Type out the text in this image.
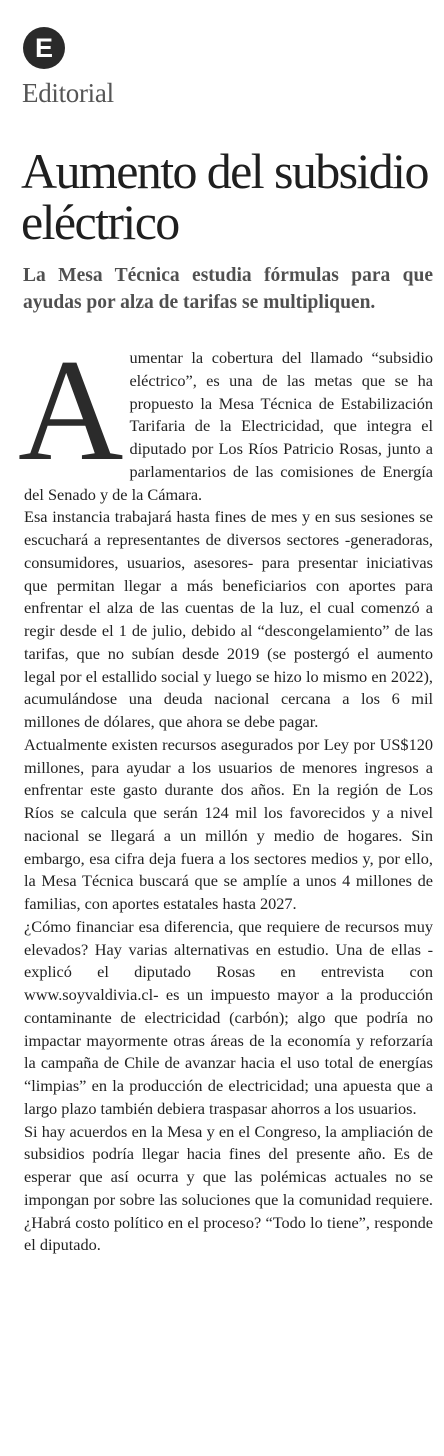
E
Editorial
Aumento del subsidio eléctrico

La Mesa Técnica estudia fórmulas para que ayudas por alza de tarifas se multipliquen.

Aumentar la cobertura del llamado “subsidio eléctrico”, es una de las metas que se ha propuesto la Mesa Técnica de Estabilización Tarifaria de la Electricidad, que integra el diputado por Los Ríos Patricio Rosas, junto a parlamentarios de las comisiones de Energía del Senado y de la Cámara.

Esa instancia trabajará hasta fines de mes y en sus sesiones se escuchará a representantes de diversos sectores -generadoras, consumidores, usuarios, asesores- para presentar iniciativas que permitan llegar a más beneficiarios con aportes para enfrentar el alza de las cuentas de la luz, el cual comenzó a regir desde el 1 de julio, debido al “descongelamiento” de las tarifas, que no subían desde 2019 (se postergó el aumento legal por el estallido social y luego se hizo lo mismo en 2022), acumulándose una deuda nacional cercana a los 6 mil millones de dólares, que ahora se debe pagar.

Actualmente existen recursos asegurados por Ley por US$120 millones, para ayudar a los usuarios de menores ingresos a enfrentar este gasto durante dos años. En la región de Los Ríos se calcula que serán 124 mil los favorecidos y a nivel nacional se llegará a un millón y medio de hogares. Sin embargo, esa cifra deja fuera a los sectores medios y, por ello, la Mesa Técnica buscará que se amplíe a unos 4 millones de familias, con aportes estatales hasta 2027.

¿Cómo financiar esa diferencia, que requiere de recursos muy elevados? Hay varias alternativas en estudio. Una de ellas -explicó el diputado Rosas en entrevista con www.soyvaldivia.cl- es un impuesto mayor a la producción contaminante de electricidad (carbón); algo que podría no impactar mayormente otras áreas de la economía y reforzaría la campaña de Chile de avanzar hacia el uso total de energías “limpias” en la producción de electricidad; una apuesta que a largo plazo también debiera traspasar ahorros a los usuarios.

Si hay acuerdos en la Mesa y en el Congreso, la ampliación de subsidios podría llegar hacia fines del presente año. Es de esperar que así ocurra y que las polémicas actuales no se impongan por sobre las soluciones que la comunidad requiere. ¿Habrá costo político en el proceso? “Todo lo tiene”, responde el diputado.
